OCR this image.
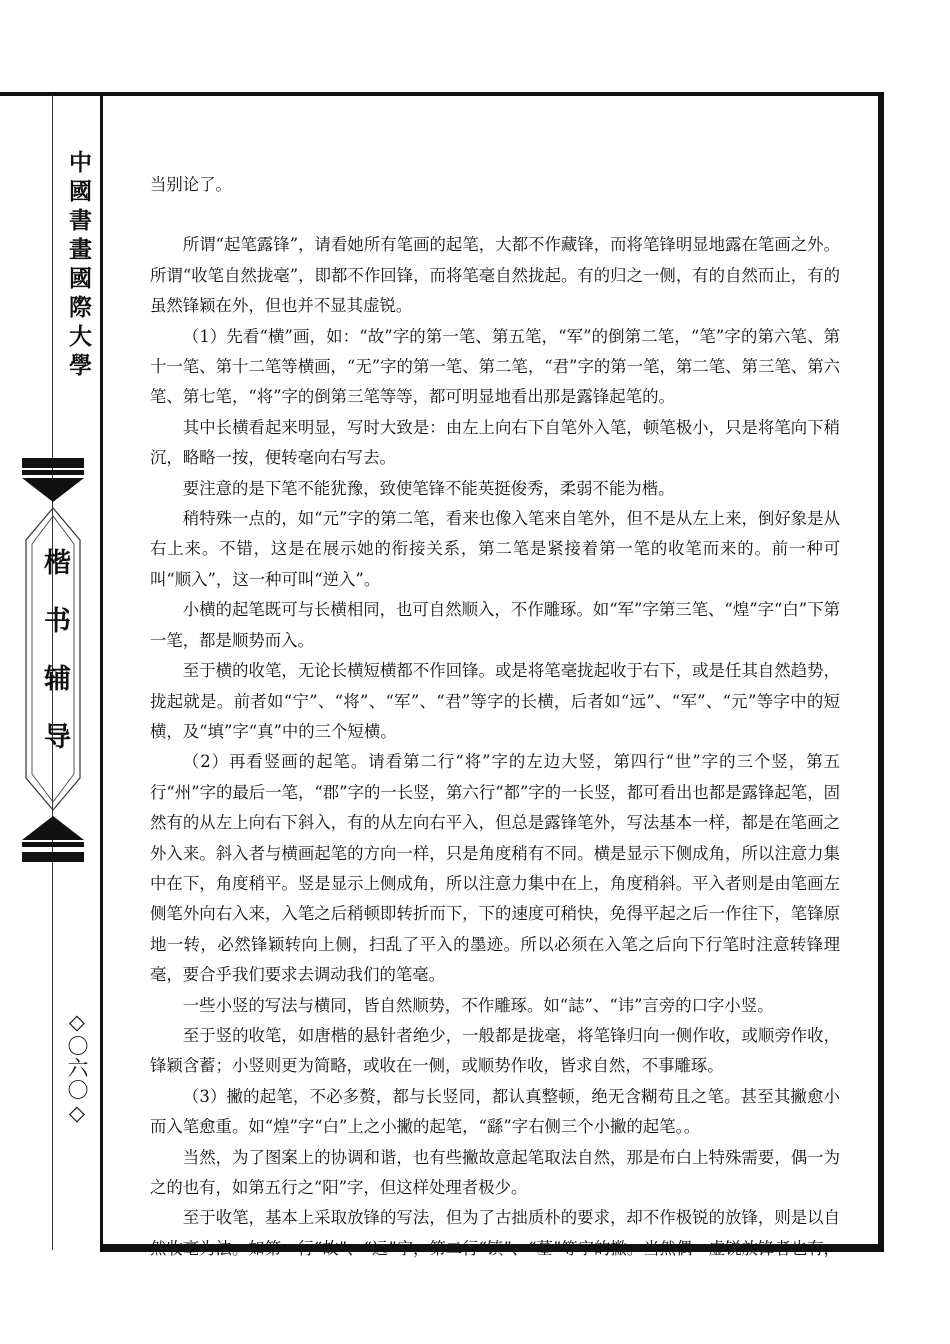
中國書畫國際大學
楷书辅导
◇〇六〇◇

当别论了。

所谓“起笔露锋”，请看她所有笔画的起笔，大都不作藏锋，而将笔锋明显地露在笔画之外。所谓“收笔自然拢毫”，即都不作回锋，而将笔毫自然拢起。有的归之一侧，有的自然而止，有的虽然锋颖在外，但也并不显其虚锐。

（1）先看“横”画，如：“故”字的第一笔、第五笔，“军”的倒第二笔，“笔”字的第六笔、第十一笔、第十二笔等横画，“无”字的第一笔、第二笔，“君”字的第一笔，第二笔、第三笔、第六笔、第七笔，“将”字的倒第三笔等等，都可明显地看出那是露锋起笔的。

其中长横看起来明显，写时大致是：由左上向右下自笔外入笔，顿笔极小，只是将笔向下稍沉，略略一按，便转毫向右写去。

要注意的是下笔不能犹豫，致使笔锋不能英挺俊秀，柔弱不能为楷。

稍特殊一点的，如“元”字的第二笔，看来也像入笔来自笔外，但不是从左上来，倒好象是从右上来。不错，这是在展示她的衔接关系，第二笔是紧接着第一笔的收笔而来的。前一种可叫“顺入”，这一种可叫“逆入”。

小横的起笔既可与长横相同，也可自然顺入，不作雕琢。如“军”字第三笔、“煌”字“白”下第一笔，都是顺势而入。

至于横的收笔，无论长横短横都不作回锋。或是将笔毫拢起收于右下，或是任其自然趋势，拢起就是。前者如“宁”、“将”、“军”、“君”等字的长横，后者如“远”、“军”、“元”等字中的短横，及“填”字“真”中的三个短横。

（2）再看竖画的起笔。请看第二行“将”字的左边大竖，第四行“世”字的三个竖，第五行“州”字的最后一笔，“郡”字的一长竖，第六行“都”字的一长竖，都可看出也都是露锋起笔，固然有的从左上向右下斜入，有的从左向右平入，但总是露锋笔外，写法基本一样，都是在笔画之外入来。斜入者与横画起笔的方向一样，只是角度稍有不同。横是显示下侧成角，所以注意力集中在下，角度稍平。竖是显示上侧成角，所以注意力集中在上，角度稍斜。平入者则是由笔画左侧笔外向右入来，入笔之后稍顿即转折而下，下的速度可稍快，免得平起之后一作往下，笔锋原地一转，必然锋颖转向上侧，扫乱了平入的墨迹。所以必须在入笔之后向下行笔时注意转锋理毫，要合乎我们要求去调动我们的笔毫。

一些小竖的写法与横同，皆自然顺势，不作雕琢。如“誌”、“讳”言旁的口字小竖。

至于竖的收笔，如唐楷的悬针者绝少，一般都是拢毫，将笔锋归向一侧作收，或顺旁作收，锋颖含蓄；小竖则更为简略，或收在一侧，或顺势作收，皆求自然，不事雕琢。

（3）撇的起笔，不必多赘，都与长竖同，都认真整顿，绝无含糊苟且之笔。甚至其撇愈小而入笔愈重。如“煌”字“白”上之小撇的起笔，“繇”字右侧三个小撇的起笔。。

当然，为了图案上的协调和谐，也有些撇故意起笔取法自然，那是布白上特殊需要，偶一为之的也有，如第五行之“阳”字，但这样处理者极少。

至于收笔，基本上采取放锋的写法，但为了古拙质朴的要求，却不作极锐的放锋，则是以自然收毫为法。如第一行“故”、“远”字，第二行“镇”、“墓”等字的撇。当然偶一虚锐放锋者也有，
